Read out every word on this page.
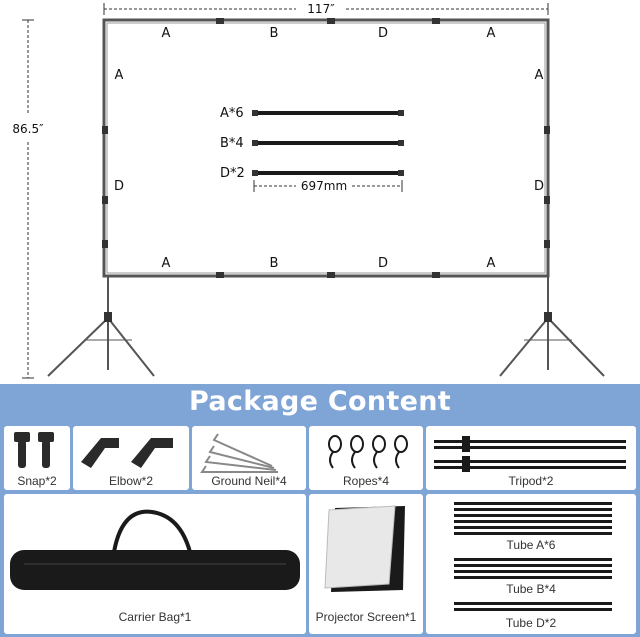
117″
86.5″
A	B	D	A
A	B	D	A
A
D
A
D
A*6
B*4
D*2
697mm
Package Content
Snap*2	Elbow*2	Ground Neil*4	Ropes*4	Tripod*2
Carrier Bag*1	Projector Screen*1
Tube A*6
Tube B*4
Tube D*2
